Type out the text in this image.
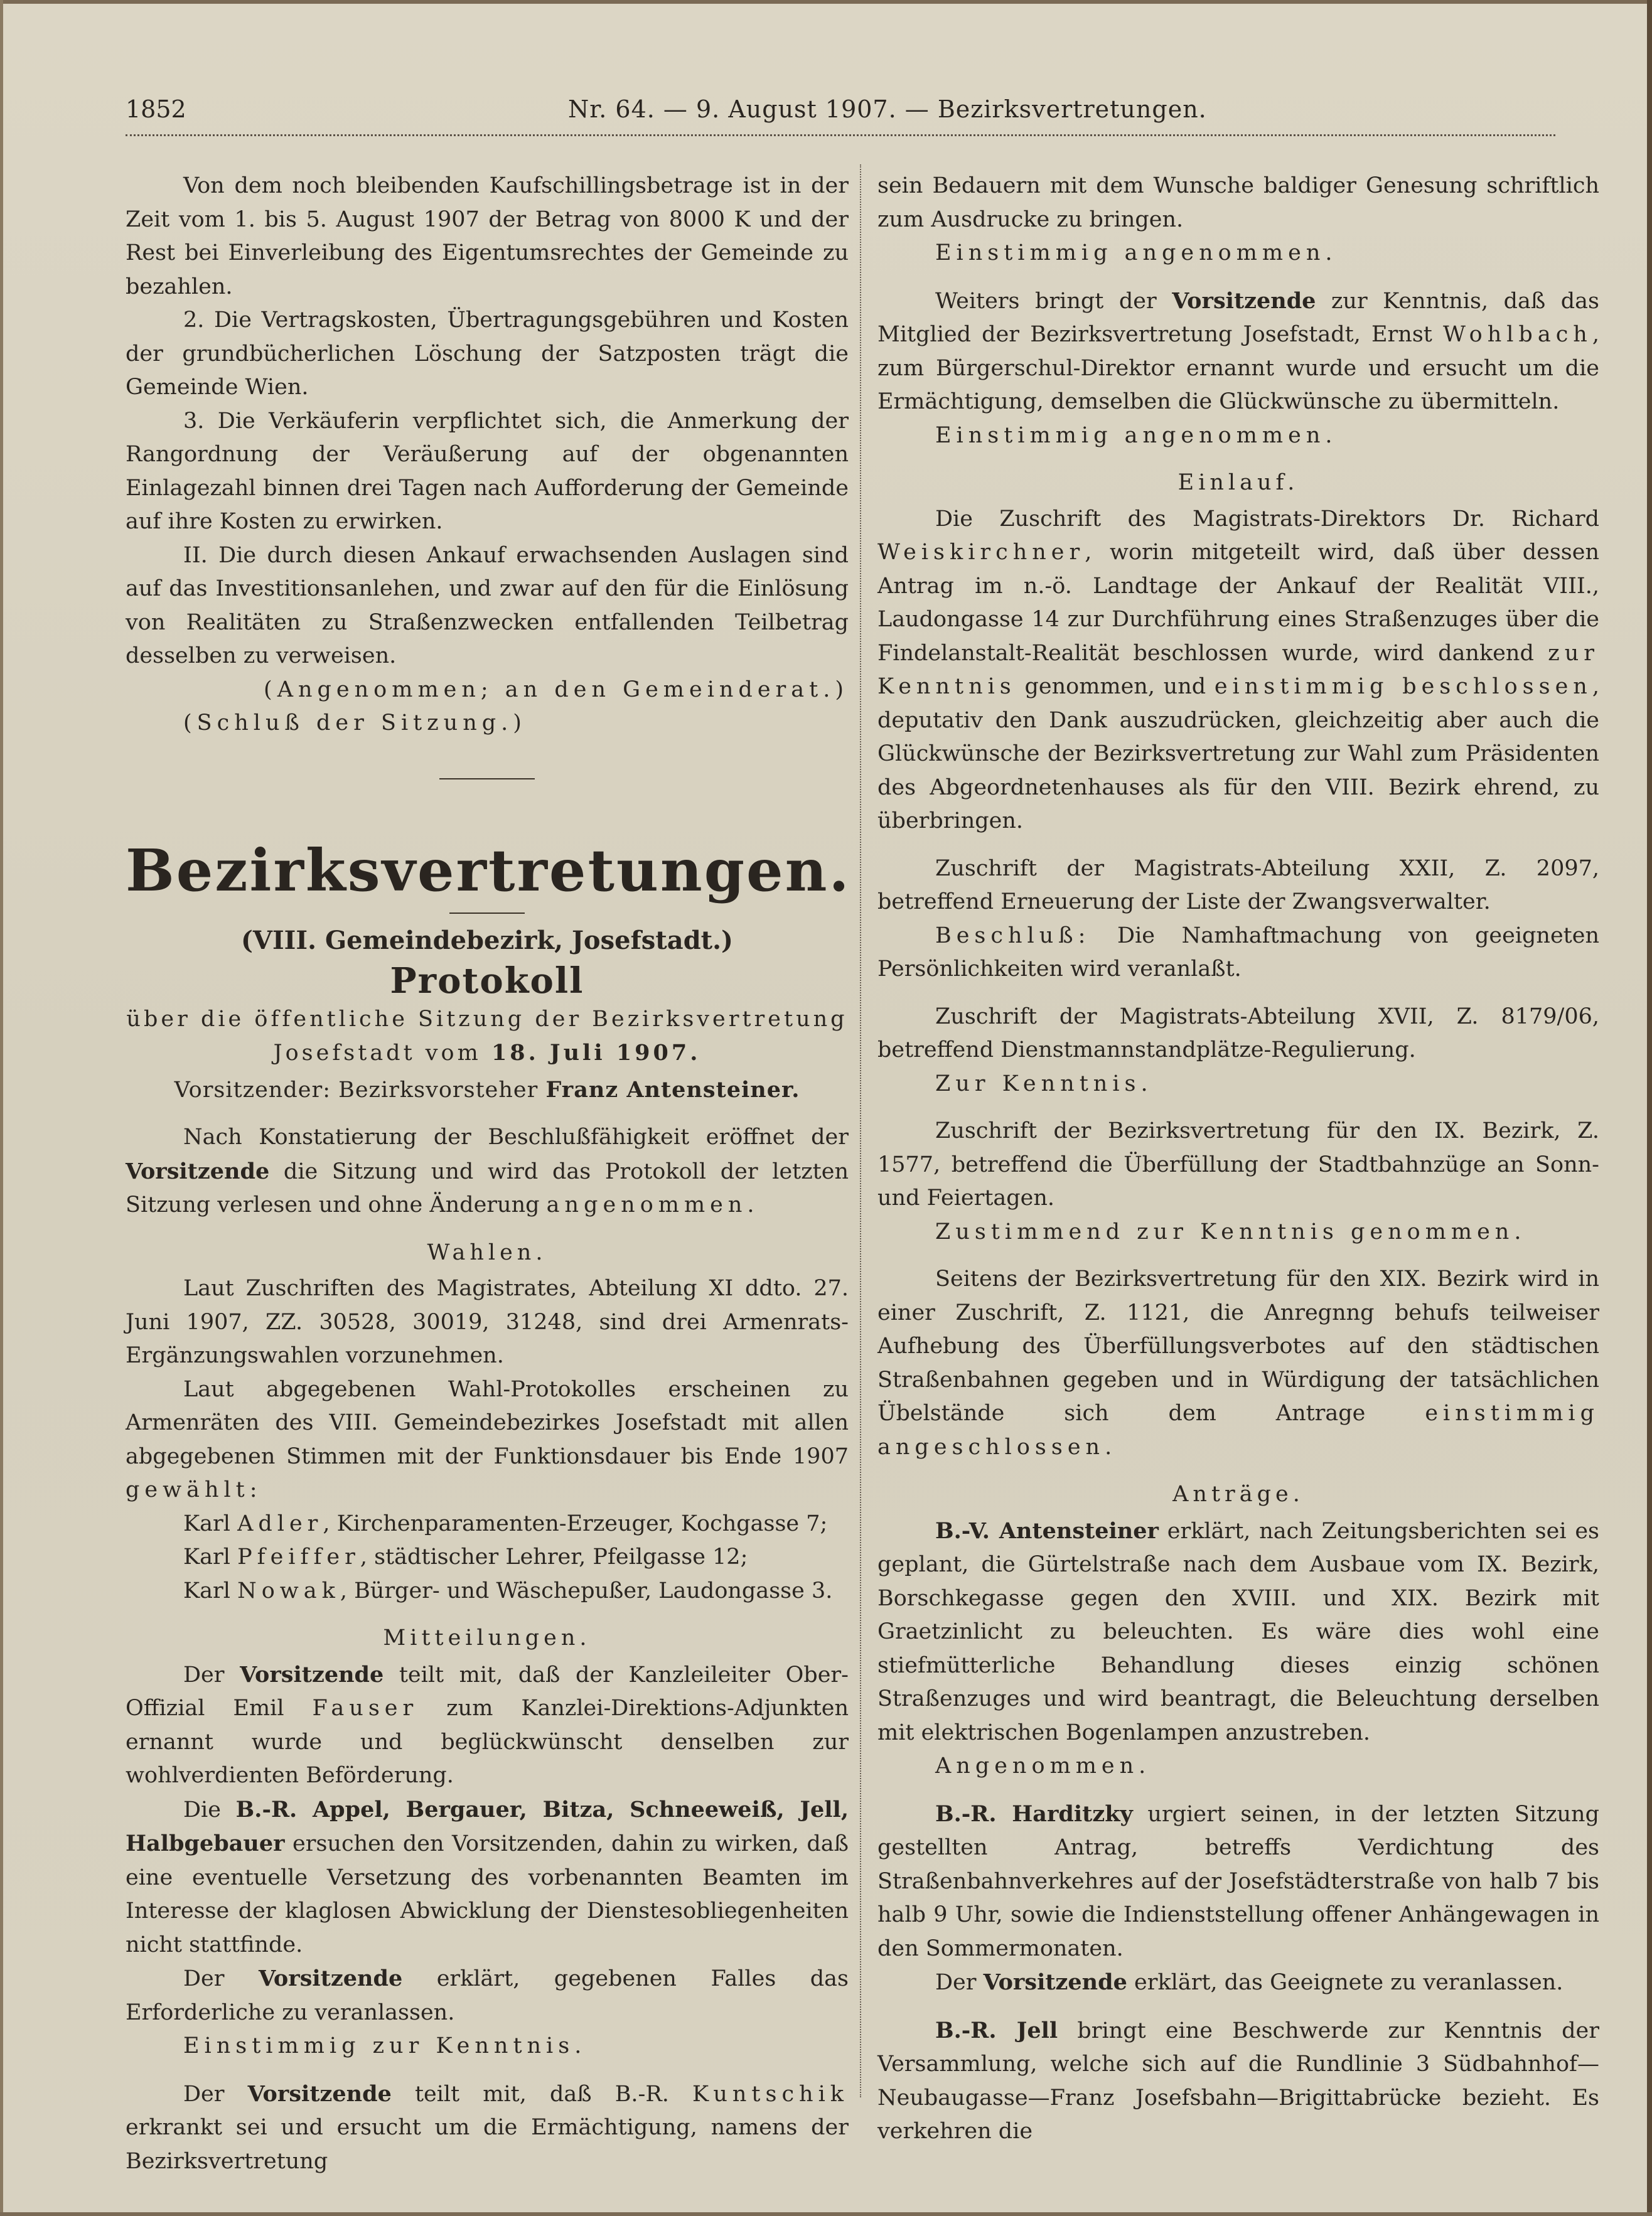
1852	Nr. 64. — 9. August 1907. — Bezirksvertretungen.

Von dem noch bleibenden Kaufschillingsbetrage ist in der Zeit vom 1. bis 5. August 1907 der Betrag von 8000 K und der Rest bei Einverleibung des Eigentumsrechtes der Gemeinde zu bezahlen.

2. Die Vertragskosten, Übertragungsgebühren und Kosten der grundbücherlichen Löschung der Satzposten trägt die Gemeinde Wien.

3. Die Verkäuferin verpflichtet sich, die Anmerkung der Rangordnung der Veräußerung auf der obgenannten Einlagezahl binnen drei Tagen nach Aufforderung der Gemeinde auf ihre Kosten zu erwirken.

II. Die durch diesen Ankauf erwachsenden Auslagen sind auf das Investitionsanlehen, und zwar auf den für die Einlösung von Realitäten zu Straßenzwecken entfallenden Teilbetrag desselben zu verweisen.
(Angenommen; an den Gemeinderat.)

(Schluß der Sitzung.)

Bezirksvertretungen.
(VIII. Gemeindebezirk, Josefstadt.)
Protokoll
über die öffentliche Sitzung der Bezirksvertretung
Josefstadt vom 18. Juli 1907.
Vorsitzender: Bezirksvorsteher Franz Antensteiner.

Nach Konstatierung der Beschlußfähigkeit eröffnet der Vorsitzende die Sitzung und wird das Protokoll der letzten Sitzung verlesen und ohne Änderung angenommen.

Wahlen.

Laut Zuschriften des Magistrates, Abteilung XI ddto. 27. Juni 1907, ZZ. 30528, 30019, 31248, sind drei Armenrats-Ergänzungswahlen vorzunehmen.

Laut abgegebenen Wahl-Protokolles erscheinen zu Armenräten des VIII. Gemeindebezirkes Josefstadt mit allen abgegebenen Stimmen mit der Funktionsdauer bis Ende 1907 gewählt:

Karl Adler, Kirchenparamenten-Erzeuger, Kochgasse 7;

Karl Pfeiffer, städtischer Lehrer, Pfeilgasse 12;

Karl Nowak, Bürger- und Wäschepußer, Laudongasse 3.

Mitteilungen.

Der Vorsitzende teilt mit, daß der Kanzleileiter Ober-Offizial Emil Fauser zum Kanzlei-Direktions-Adjunkten ernannt wurde und beglückwünscht denselben zur wohlverdienten Beförderung.

Die B.-R. Appel, Bergauer, Bitza, Schneeweiß, Jell, Halbgebauer ersuchen den Vorsitzenden, dahin zu wirken, daß eine eventuelle Versetzung des vorbenannten Beamten im Interesse der klaglosen Abwicklung der Dienstesobliegenheiten nicht stattfinde.

Der Vorsitzende erklärt, gegebenen Falles das Erforderliche zu veranlassen.

Einstimmig zur Kenntnis.

Der Vorsitzende teilt mit, daß B.-R. Kuntschik erkrankt sei und ersucht um die Ermächtigung, namens der Bezirksvertretung

sein Bedauern mit dem Wunsche baldiger Genesung schriftlich zum Ausdrucke zu bringen.

Einstimmig angenommen.

Weiters bringt der Vorsitzende zur Kenntnis, daß das Mitglied der Bezirksvertretung Josefstadt, Ernst Wohlbach, zum Bürgerschul-Direktor ernannt wurde und ersucht um die Ermächtigung, demselben die Glückwünsche zu übermitteln.

Einstimmig angenommen.

Einlauf.

Die Zuschrift des Magistrats-Direktors Dr. Richard Weiskirchner, worin mitgeteilt wird, daß über dessen Antrag im n.-ö. Landtage der Ankauf der Realität VIII., Laudongasse 14 zur Durchführung eines Straßenzuges über die Findelanstalt-Realität beschlossen wurde, wird dankend zur Kenntnis genommen, und einstimmig beschlossen, deputativ den Dank auszudrücken, gleichzeitig aber auch die Glückwünsche der Bezirksvertretung zur Wahl zum Präsidenten des Abgeordnetenhauses als für den VIII. Bezirk ehrend, zu überbringen.

Zuschrift der Magistrats-Abteilung XXII, Z. 2097, betreffend Erneuerung der Liste der Zwangsverwalter.

Beschluß: Die Namhaftmachung von geeigneten Persönlichkeiten wird veranlaßt.

Zuschrift der Magistrats-Abteilung XVII, Z. 8179/06, betreffend Dienstmannstandplätze-Regulierung.

Zur Kenntnis.

Zuschrift der Bezirksvertretung für den IX. Bezirk, Z. 1577, betreffend die Überfüllung der Stadtbahnzüge an Sonn- und Feiertagen.

Zustimmend zur Kenntnis genommen.

Seitens der Bezirksvertretung für den XIX. Bezirk wird in einer Zuschrift, Z. 1121, die Anregnng behufs teilweiser Aufhebung des Überfüllungsverbotes auf den städtischen Straßenbahnen gegeben und in Würdigung der tatsächlichen Übelstände sich dem Antrage einstimmig angeschlossen.

Anträge.

B.-V. Antensteiner erklärt, nach Zeitungsberichten sei es geplant, die Gürtelstraße nach dem Ausbaue vom IX. Bezirk, Borschkegasse gegen den XVIII. und XIX. Bezirk mit Graetzinlicht zu beleuchten. Es wäre dies wohl eine stiefmütterliche Behandlung dieses einzig schönen Straßenzuges und wird beantragt, die Beleuchtung derselben mit elektrischen Bogenlampen anzustreben.

Angenommen.

B.-R. Harditzky urgiert seinen, in der letzten Sitzung gestellten Antrag, betreffs Verdichtung des Straßenbahnverkehres auf der Josefstädterstraße von halb 7 bis halb 9 Uhr, sowie die Indienststellung offener Anhängewagen in den Sommermonaten.

Der Vorsitzende erklärt, das Geeignete zu veranlassen.

B.-R. Jell bringt eine Beschwerde zur Kenntnis der Versammlung, welche sich auf die Rundlinie 3 Südbahnhof—Neubaugasse—Franz Josefsbahn—Brigittabrücke bezieht. Es verkehren die
